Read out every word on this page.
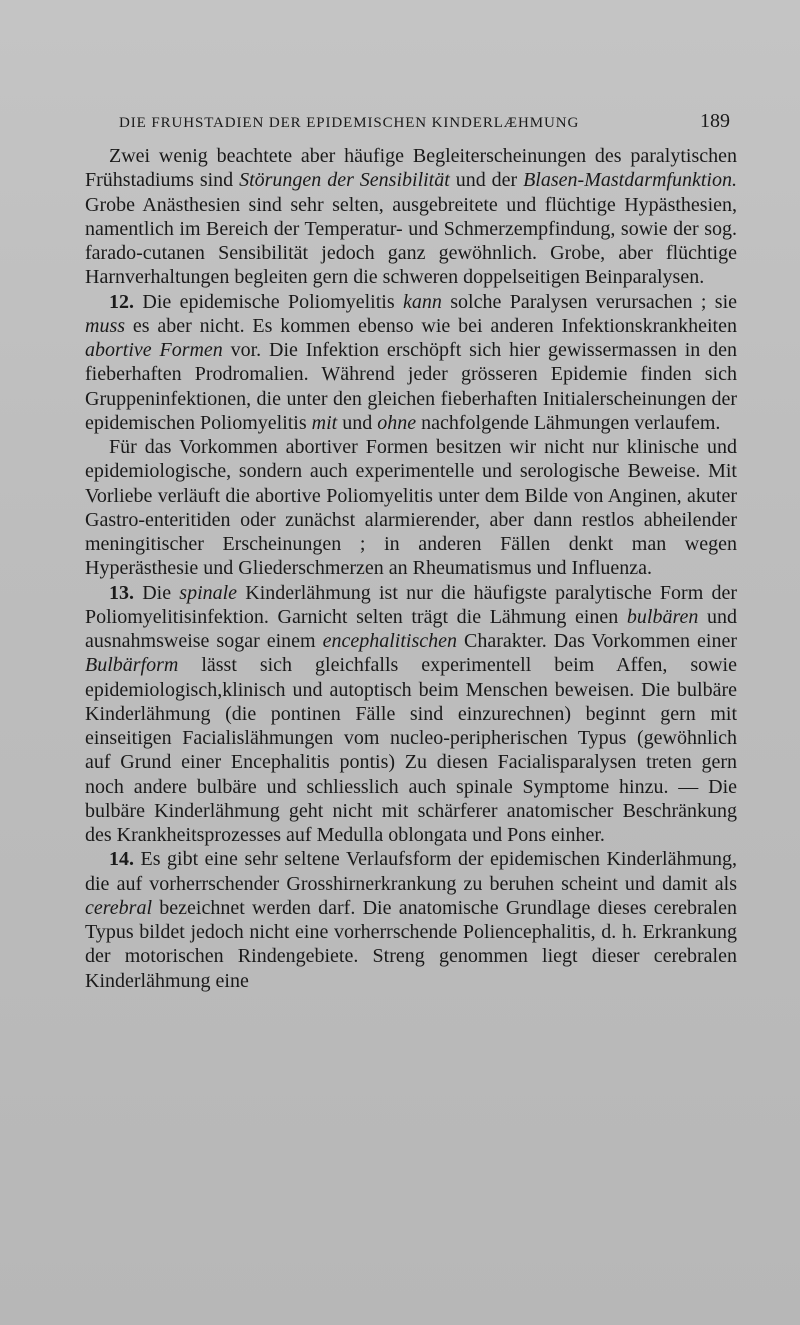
DIE FRUHSTADIEN DER EPIDEMISCHEN KINDERLÆHMUNG	189

Zwei wenig beachtete aber häufige Begleiterscheinungen des paralytischen Frühstadiums sind Störungen der Sensibilität und der Blasen-Mastdarmfunktion. Grobe Anästhesien sind sehr selten, ausgebreitete und flüchtige Hypästhesien, namentlich im Bereich der Temperatur- und Schmerzempfindung, sowie der sog. farado-cutanen Sensibilität jedoch ganz gewöhnlich. Grobe, aber flüchtige Harnverhaltungen begleiten gern die schweren doppelseitigen Beinparalysen.

12. Die epidemische Poliomyelitis kann solche Paralysen verursachen ; sie muss es aber nicht. Es kommen ebenso wie bei anderen Infektionskrankheiten abortive Formen vor. Die Infektion erschöpft sich hier gewissermassen in den fieberhaften Prodromalien. Während jeder grösseren Epidemie finden sich Gruppeninfektionen, die unter den gleichen fieberhaften Initialerscheinungen der epidemischen Poliomyelitis mit und ohne nachfolgende Lähmungen verlaufem.

Für das Vorkommen abortiver Formen besitzen wir nicht nur klinische und epidemiologische, sondern auch experimentelle und serologische Beweise. Mit Vorliebe verläuft die abortive Poliomyelitis unter dem Bilde von Anginen, akuter Gastro-enteritiden oder zunächst alarmierender, aber dann restlos abheilender meningitischer Erscheinungen ; in anderen Fällen denkt man wegen Hyperästhesie und Gliederschmerzen an Rheumatismus und Influenza.

13. Die spinale Kinderlähmung ist nur die häufigste paralytische Form der Poliomyelitisinfektion. Garnicht selten trägt die Lähmung einen bulbären und ausnahmsweise sogar einem encephalitischen Charakter. Das Vorkommen einer Bulbärform lässt sich gleichfalls experimentell beim Affen, sowie epidemiologisch,klinisch und autoptisch beim Menschen beweisen. Die bulbäre Kinderlähmung (die pontinen Fälle sind einzurechnen) beginnt gern mit einseitigen Facialislähmungen vom nucleo-peripherischen Typus (gewöhnlich auf Grund einer Encephalitis pontis) Zu diesen Facialisparalysen treten gern noch andere bulbäre und schliesslich auch spinale Symptome hinzu. — Die bulbäre Kinderlähmung geht nicht mit schärferer anatomischer Beschränkung des Krankheitsprozesses auf Medulla oblongata und Pons einher.

14. Es gibt eine sehr seltene Verlaufsform der epidemischen Kinderlähmung, die auf vorherrschender Grosshirnerkrankung zu beruhen scheint und damit als cerebral bezeichnet werden darf. Die anatomische Grundlage dieses cerebralen Typus bildet jedoch nicht eine vorherrschende Poliencephalitis, d. h. Erkrankung der motorischen Rindengebiete. Streng genommen liegt dieser cerebralen Kinderlähmung eine
